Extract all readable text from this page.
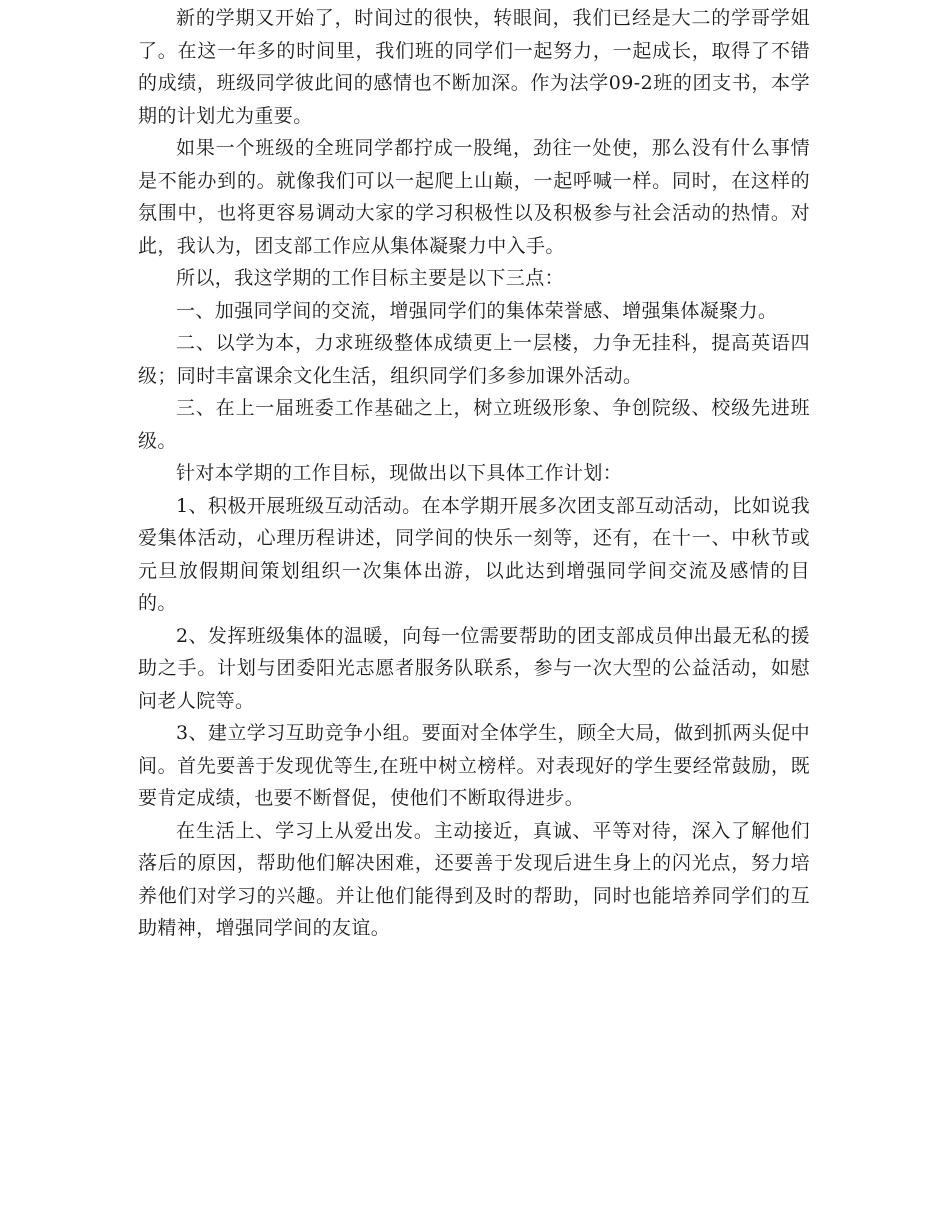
新的学期又开始了，时间过的很快，转眼间，我们已经是大二的学哥学姐了。在这一年多的时间里，我们班的同学们一起努力，一起成长，取得了不错的成绩，班级同学彼此间的感情也不断加深。作为法学09-2班的团支书，本学期的计划尤为重要。

如果一个班级的全班同学都拧成一股绳，劲往一处使，那么没有什么事情是不能办到的。就像我们可以一起爬上山巅，一起呼喊一样。同时，在这样的氛围中，也将更容易调动大家的学习积极性以及积极参与社会活动的热情。对此，我认为，团支部工作应从集体凝聚力中入手。

所以，我这学期的工作目标主要是以下三点：

一、加强同学间的交流，增强同学们的集体荣誉感、增强集体凝聚力。

二、以学为本，力求班级整体成绩更上一层楼，力争无挂科，提高英语四级；同时丰富课余文化生活，组织同学们多参加课外活动。

三、在上一届班委工作基础之上，树立班级形象、争创院级、校级先进班级。

针对本学期的工作目标，现做出以下具体工作计划：

1、积极开展班级互动活动。在本学期开展多次团支部互动活动，比如说我爱集体活动，心理历程讲述，同学间的快乐一刻等，还有，在十一、中秋节或元旦放假期间策划组织一次集体出游，以此达到增强同学间交流及感情的目的。

2、发挥班级集体的温暖，向每一位需要帮助的团支部成员伸出最无私的援助之手。计划与团委阳光志愿者服务队联系，参与一次大型的公益活动，如慰问老人院等。

3、建立学习互助竞争小组。要面对全体学生，顾全大局，做到抓两头促中间。首先要善于发现优等生,在班中树立榜样。对表现好的学生要经常鼓励，既要肯定成绩，也要不断督促，使他们不断取得进步。

在生活上、学习上从爱出发。主动接近，真诚、平等对待，深入了解他们落后的原因，帮助他们解决困难，还要善于发现后进生身上的闪光点，努力培养他们对学习的兴趣。并让他们能得到及时的帮助，同时也能培养同学们的互助精神，增强同学间的友谊。
